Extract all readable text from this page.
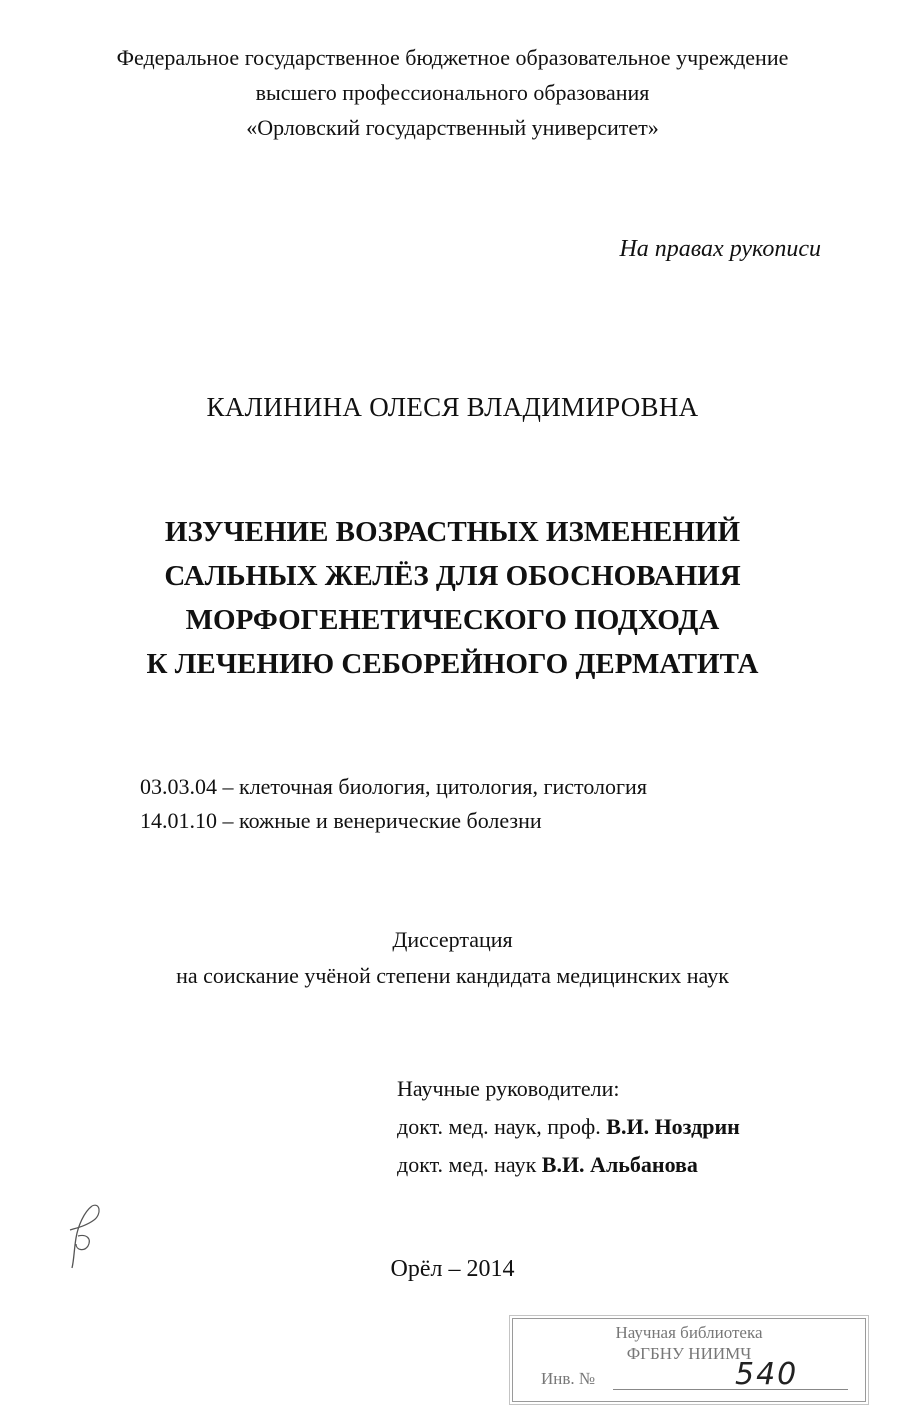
Федеральное государственное бюджетное образовательное учреждение
высшего профессионального образования
«Орловский государственный университет»
На правах рукописи
КАЛИНИНА ОЛЕСЯ ВЛАДИМИРОВНА
ИЗУЧЕНИЕ ВОЗРАСТНЫХ ИЗМЕНЕНИЙ
САЛЬНЫХ ЖЕЛЁЗ ДЛЯ ОБОСНОВАНИЯ
МОРФОГЕНЕТИЧЕСКОГО ПОДХОДА
К ЛЕЧЕНИЮ СЕБОРЕЙНОГО ДЕРМАТИТА
03.03.04 – клеточная биология, цитология, гистология
14.01.10 – кожные и венерические болезни
Диссертация
на соискание учёной степени кандидата медицинских наук
Научные руководители:
докт. мед. наук, проф. В.И. Ноздрин
докт. мед. наук В.И. Альбанова
Орёл – 2014
Научная библиотека
ФГБНУ НИИМЧ
Инв. №	540
